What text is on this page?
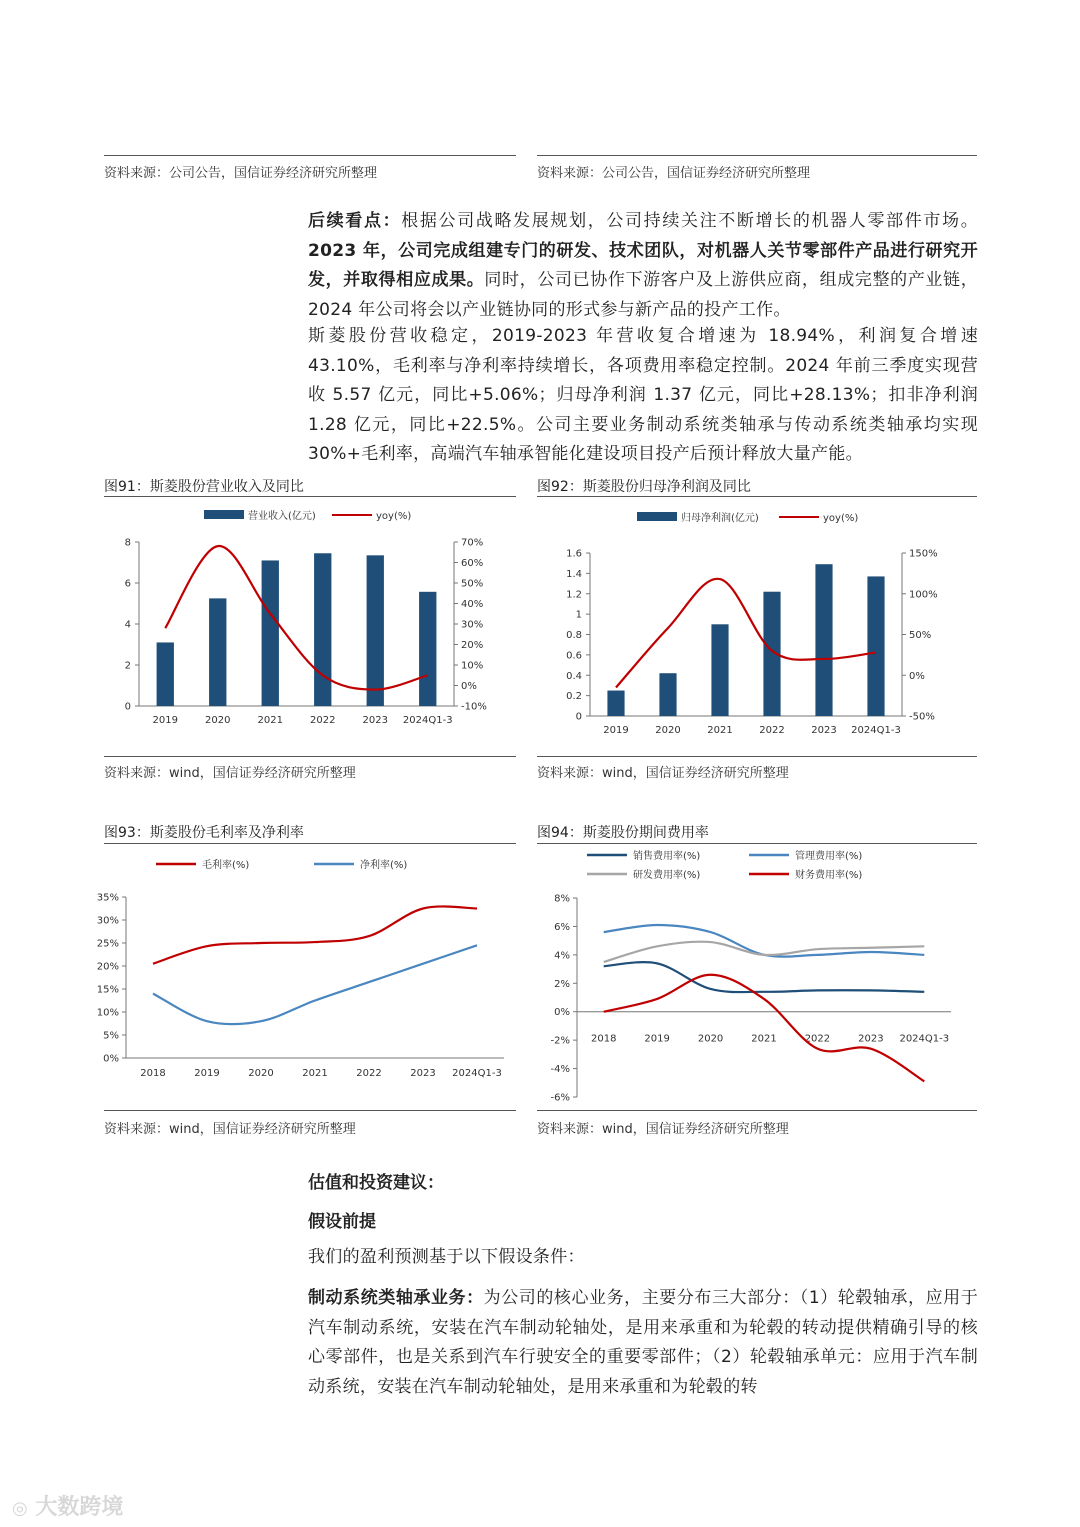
资料来源：公司公告，国信证券经济研究所整理	资料来源：公司公告，国信证券经济研究所整理
后续看点：根据公司战略发展规划，公司持续关注不断增长的机器人零部件市场。2023 年，公司完成组建专门的研发、技术团队，对机器人关节零部件产品进行研究开发，并取得相应成果。同时，公司已协作下游客户及上游供应商，组成完整的产业链，2024 年公司将会以产业链协同的形式参与新产品的投产工作。
斯菱股份营收稳定，2019-2023 年营收复合增速为 18.94%，利润复合增速 43.10%，毛利率与净利率持续增长，各项费用率稳定控制。2024 年前三季度实现营收 5.57 亿元，同比+5.06%；归母净利润 1.37 亿元，同比+28.13%；扣非净利润 1.28 亿元，同比+22.5%。公司主要业务制动系统类轴承与传动系统类轴承均实现 30%+毛利率，高端汽车轴承智能化建设项目投产后预计释放大量产能。
图91：斯菱股份营业收入及同比	图92：斯菱股份归母净利润及同比
营业收入(亿元)	yoy(%)
0
2
4
6
8
-10%
0%
10%
20%
30%
40%
50%
60%
70%
2019	2020	2021	2022	2023 2024Q1-3
归母净利润(亿元)	yoy(%)
0
0.2
0.4
0.6
0.8
1
1.2
1.4
1.6
-50%
0%
50%
100%
150%
2019	2020	2021	2022	2023 2024Q1-3
资料来源：wind，国信证券经济研究所整理	资料来源：wind，国信证券经济研究所整理
图93：斯菱股份毛利率及净利率	图94：斯菱股份期间费用率
0%
5%
10%
15%
20%
25%
30%
35%
2018	2019	2020	2021	2022	2023 2024Q1-3
毛利率(%)	净利率(%)
-6%
-4%
-2%
0%
2%
4%
6%
8%
2018	2019	2020	2021	2022	2023 2024Q1-3
销售费用率(%)	管理费用率(%)
研发费用率(%)	财务费用率(%)
资料来源：wind，国信证券经济研究所整理	资料来源：wind，国信证券经济研究所整理
估值和投资建议：
假设前提
我们的盈利预测基于以下假设条件：
制动系统类轴承业务：为公司的核心业务，主要分布三大部分：（1）轮毂轴承，应用于汽车制动系统，安装在汽车制动轮轴处，是用来承重和为轮毂的转动提供精确引导的核心零部件，也是关系到汽车行驶安全的重要零部件；（2）轮毂轴承单元：应用于汽车制动系统，安装在汽车制动轮轴处，是用来承重和为轮毂的转
◎ 大数跨境
